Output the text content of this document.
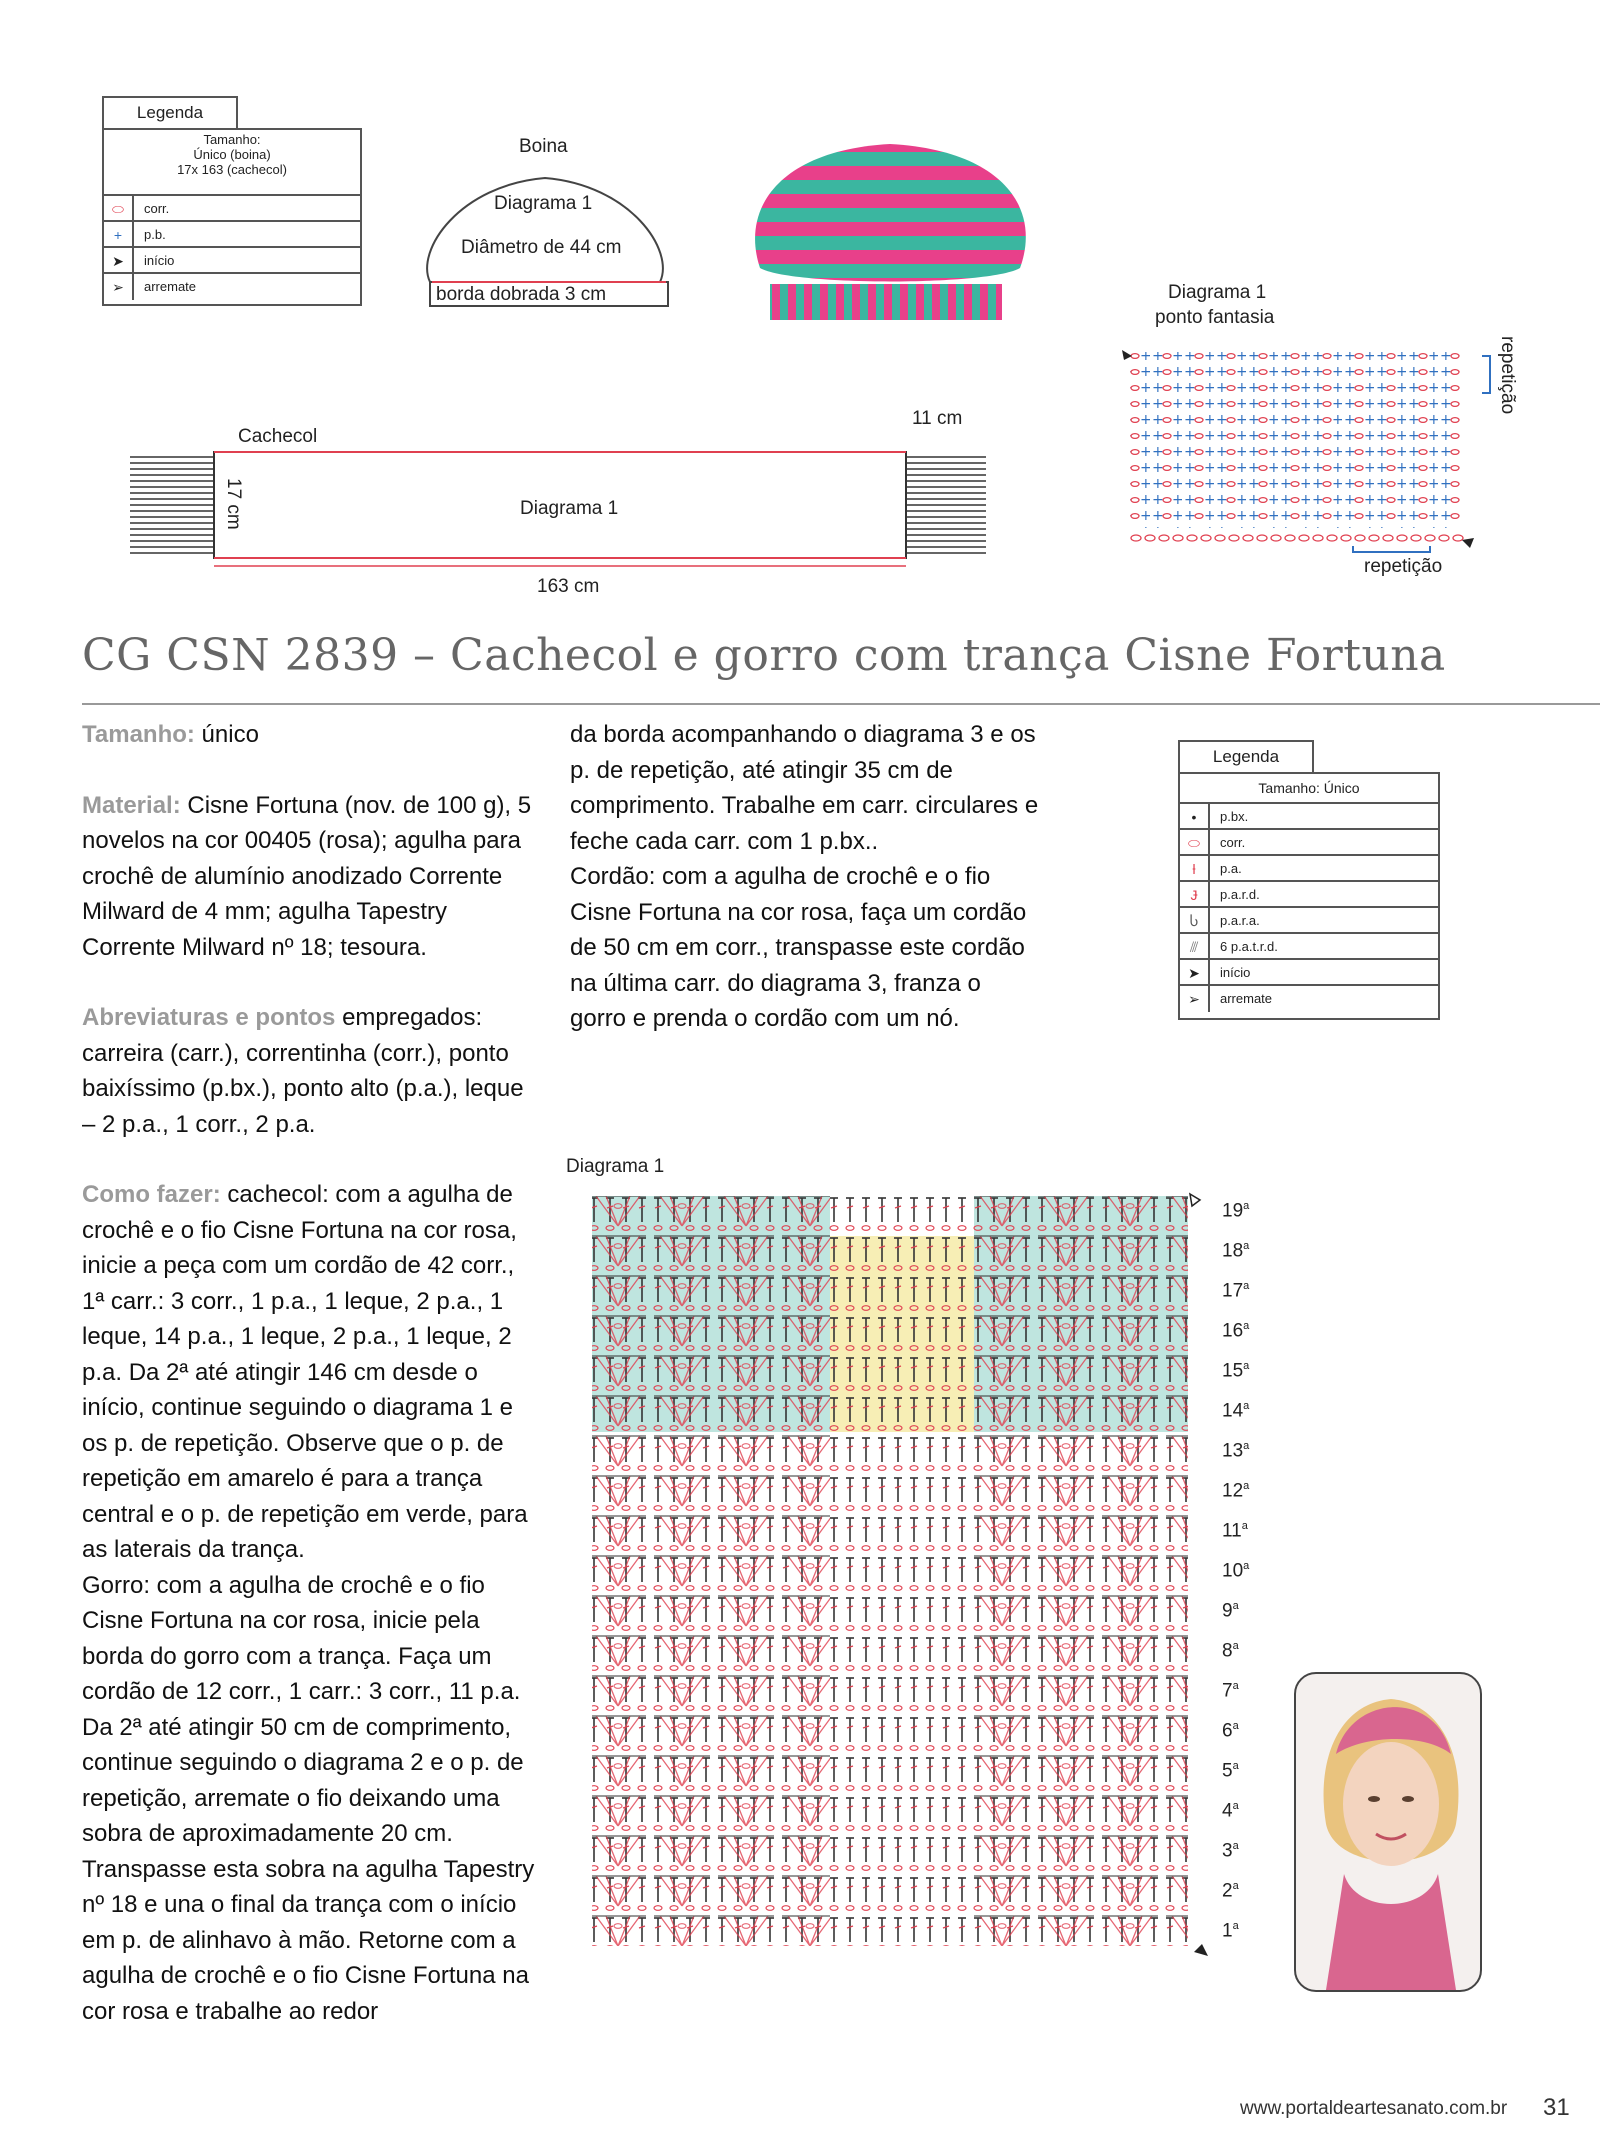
Legenda
Tamanho:
Único (boina)
17x 163 (cachecol)
⬭	corr.
+	p.b.
➤	início
➢	arremate
Boina
Diagrama 1
Diâmetro de 44 cm
borda dobrada 3 cm	Diagrama 1
ponto fantasia
repetição
repetição
Cachecol
11 cm
17 cm	Diagrama 1
163 cm
CG CSN 2839 – Cachecol e gorro com trança Cisne Fortuna

Tamanho: único

Material: Cisne Fortuna (nov. de 100 g), 5 novelos na cor 00405 (rosa); agulha para crochê de alumínio anodizado Corrente Milward de 4 mm; agulha Tapestry Corrente Milward nº 18; tesoura.

Abreviaturas e pontos empregados: carreira (carr.), correntinha (corr.), ponto baixíssimo (p.bx.), ponto alto (p.a.), leque – 2 p.a., 1 corr., 2 p.a.

Como fazer: cachecol: com a agulha de crochê e o fio Cisne Fortuna na cor rosa, inicie a peça com um cordão de 42 corr., 1ª carr.: 3 corr., 1 p.a., 1 leque, 2 p.a., 1 leque, 14 p.a., 1 leque, 2 p.a., 1 leque, 2 p.a. Da 2ª até atingir 146 cm desde o início, continue seguindo o diagrama 1 e os p. de repetição. Observe que o p. de repetição em amarelo é para a trança central e o p. de repetição em verde, para as laterais da trança.

Gorro: com a agulha de crochê e o fio Cisne Fortuna na cor rosa, inicie pela borda do gorro com a trança. Faça um cordão de 12 corr., 1 carr.: 3 corr., 11 p.a. Da 2ª até atingir 50 cm de comprimento, continue seguindo o diagrama 2 e o p. de repetição, arremate o fio deixando uma sobra de aproximadamente 20 cm. Transpasse esta sobra na agulha Tapestry nº 18 e una o final da trança com o início em p. de alinhavo à mão. Retorne com a agulha de crochê e o fio Cisne Fortuna na cor rosa e trabalhe ao redor

da borda acompanhando o diagrama 3 e os p. de repetição, até atingir 35 cm de comprimento. Trabalhe em carr. circulares e feche cada carr. com 1 p.bx..

Cordão: com a agulha de crochê e o fio Cisne Fortuna na cor rosa, faça um cordão de 50 cm em corr., transpasse este cordão na última carr. do diagrama 3, franza o gorro e prenda o cordão com um nó.

Legenda
Tamanho: Único
•	p.bx.
⬭	corr.
ƚ	p.a.
Ɉ	p.a.r.d.
Ⴑ	p.a.r.a.
⫻	6 p.a.t.r.d.
➤	início
➢	arremate
Diagrama 1
19$^a$
18$^a$
17$^a$
16$^a$
15$^a$
14$^a$
13$^a$
12$^a$
11$^a$
10$^a$
9$^a$
8$^a$
7$^a$
6$^a$
5$^a$
4$^a$
3$^a$
2$^a$
1$^a$
www.portaldeartesanato.com.br 31
